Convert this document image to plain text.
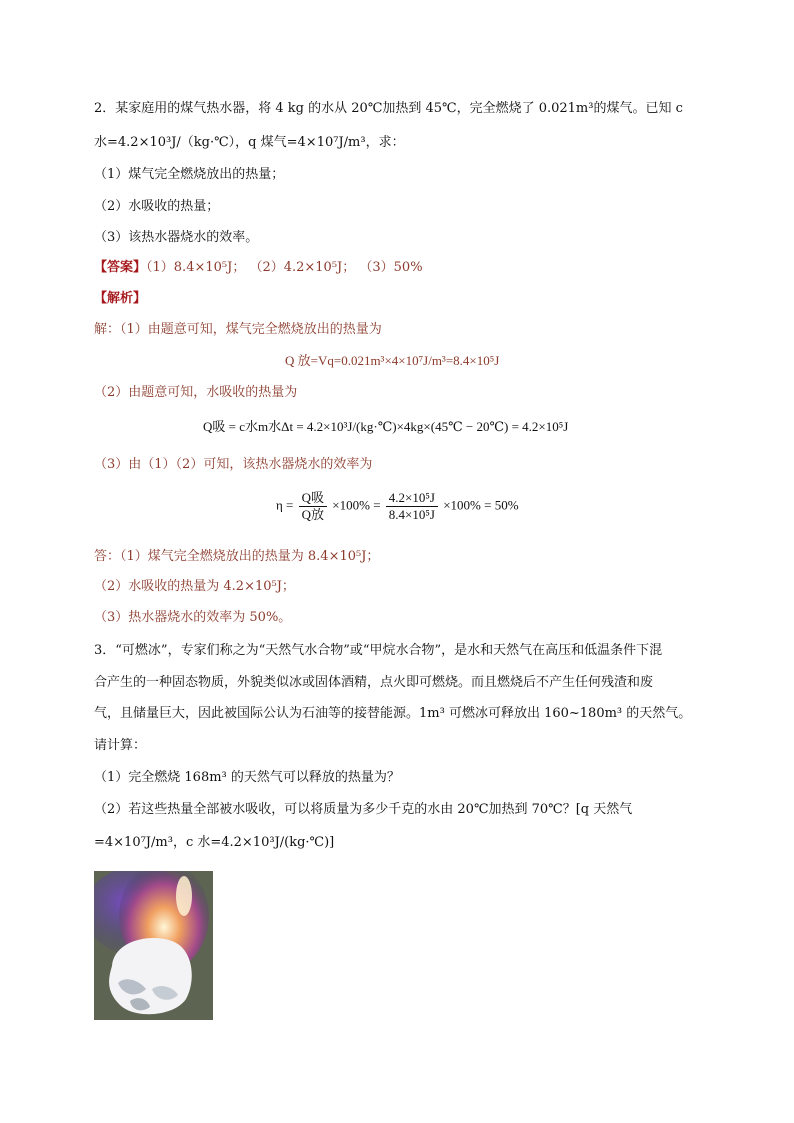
2．某家庭用的煤气热水器，将 4 kg 的水从 20℃加热到 45℃，完全燃烧了 0.021m³的煤气。已知 c
水=4.2×10³J/（kg·℃），q 煤气=4×10⁷J/m³，求：
（1）煤气完全燃烧放出的热量；
（2）水吸收的热量；
（3）该热水器烧水的效率。
【答案】（1）8.4×10⁵J； （2）4.2×10⁵J； （3）50%
【解析】
解：（1）由题意可知，煤气完全燃烧放出的热量为
Q 放=Vq=0.021m³×4×10⁷J/m³=8.4×10⁵J
（2）由题意可知，水吸收的热量为
Q吸 = c水m水Δt = 4.2×10³J/(kg·℃)×4kg×(45℃ − 20℃) = 4.2×10⁵J
（3）由（1）（2）可知，该热水器烧水的效率为
$\eta = \frac{\text{Q吸}}{\text{Q放}} \times 100\% = \frac{\text{4.2×10⁵J}}{\text{8.4×10⁵J}} \times 100\% = 50\%$
答：（1）煤气完全燃烧放出的热量为 8.4×10⁵J；
（2）水吸收的热量为 4.2×10⁵J；
（3）热水器烧水的效率为 50%。
3．“可燃冰”，专家们称之为“天然气水合物”或“甲烷水合物”，是水和天然气在高压和低温条件下混
合产生的一种固态物质，外貌类似冰或固体酒精，点火即可燃烧。而且燃烧后不产生任何残渣和废
气，且储量巨大，因此被国际公认为石油等的接替能源。1m³ 可燃冰可释放出 160~180m³ 的天然气。
请计算：
（1）完全燃烧 168m³ 的天然气可以释放的热量为？
（2）若这些热量全部被水吸收，可以将质量为多少千克的水由 20℃加热到 70℃？[q 天然气
=4×10⁷J/m³，c 水=4.2×10³J/(kg·℃)]
